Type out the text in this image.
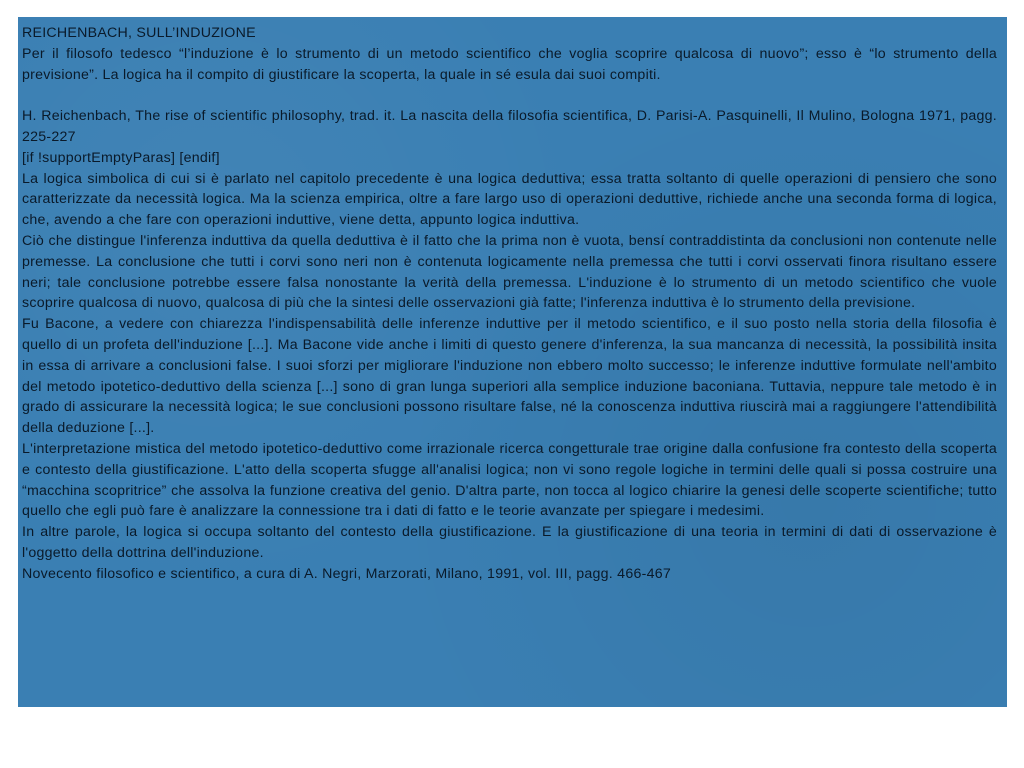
REICHENBACH, SULL’INDUZIONE

Per il filosofo tedesco “l’induzione è lo strumento di un metodo scientifico che voglia scoprire qualcosa di nuovo”; esso è “lo strumento della previsione”. La logica ha il compito di giustificare la scoperta, la quale in sé esula dai suoi compiti.

H. Reichenbach, The rise of scientific philosophy, trad. it. La nascita della filosofia scientifica, D. Parisi-A. Pasquinelli, Il Mulino, Bologna 1971, pagg. 225-227

[if !supportEmptyParas] [endif]

La logica simbolica di cui si è parlato nel capitolo precedente è una logica deduttiva; essa tratta soltanto di quelle operazioni di pensiero che sono caratterizzate da necessità logica. Ma la scienza empirica, oltre a fare largo uso di operazioni deduttive, richiede anche una seconda forma di logica, che, avendo a che fare con operazioni induttive, viene detta, appunto logica induttiva.

Ciò che distingue l'inferenza induttiva da quella deduttiva è il fatto che la prima non è vuota, bensí contraddistinta da conclusioni non contenute nelle premesse. La conclusione che tutti i corvi sono neri non è contenuta logicamente nella premessa che tutti i corvi osservati finora risultano essere neri; tale conclusione potrebbe essere falsa nonostante la verità della premessa. L'induzione è lo strumento di un metodo scientifico che vuole scoprire qualcosa di nuovo, qualcosa di più che la sintesi delle osservazioni già fatte; l'inferenza induttiva è lo strumento della previsione.

Fu Bacone, a vedere con chiarezza l'indispensabilità delle inferenze induttive per il metodo scientifico, e il suo posto nella storia della filosofia è quello di un profeta dell'induzione [...]. Ma Bacone vide anche i limiti di questo genere d'inferenza, la sua mancanza di necessità, la possibilità insita in essa di arrivare a conclusioni false. I suoi sforzi per migliorare l'induzione non ebbero molto successo; le inferenze induttive formulate nell'ambito del metodo ipotetico-deduttivo della scienza [...] sono di gran lunga superiori alla semplice induzione baconiana. Tuttavia, neppure tale metodo è in grado di assicurare la necessità logica; le sue conclusioni possono risultare false, né la conoscenza induttiva riuscirà mai a raggiungere l'attendibilità della deduzione [...].

L'interpretazione mistica del metodo ipotetico-deduttivo come irrazionale ricerca congetturale trae origine dalla confusione fra contesto della scoperta e contesto della giustificazione. L'atto della scoperta sfugge all'analisi logica; non vi sono regole logiche in termini delle quali si possa costruire una “macchina scopritrice” che assolva la funzione creativa del genio. D'altra parte, non tocca al logico chiarire la genesi delle scoperte scientifiche; tutto quello che egli può fare è analizzare la connessione tra i dati di fatto e le teorie avanzate per spiegare i medesimi.

In altre parole, la logica si occupa soltanto del contesto della giustificazione. E la giustificazione di una teoria in termini di dati di osservazione è l'oggetto della dottrina dell'induzione.

Novecento filosofico e scientifico, a cura di A. Negri, Marzorati, Milano, 1991, vol. III, pagg. 466-467
